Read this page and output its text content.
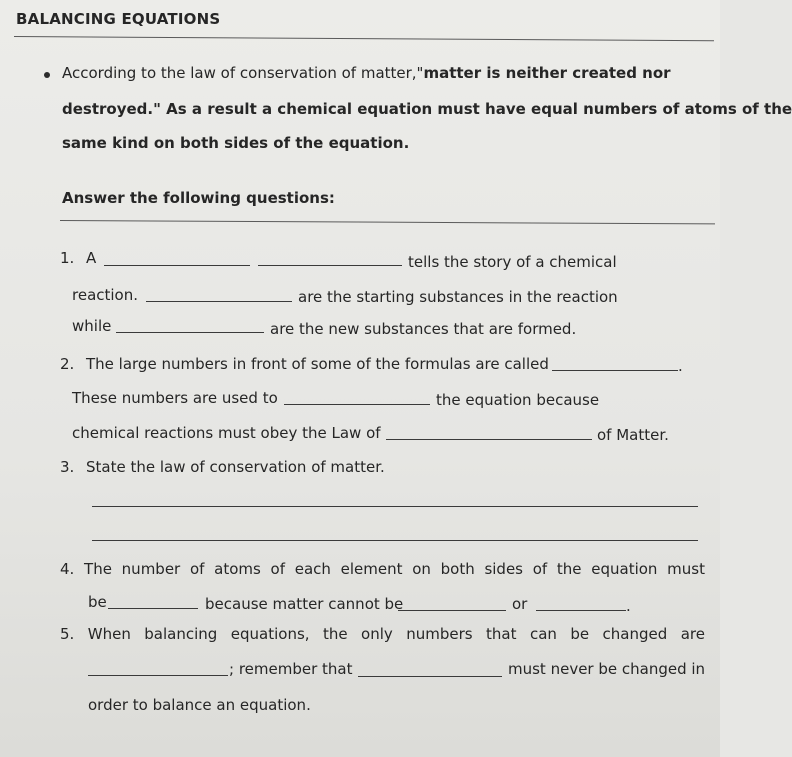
BALANCING EQUATIONS
According to the law of conservation of matter,"matter is neither created nor
destroyed." As a result a chemical equation must have equal numbers of atoms of the
same kind on both sides of the equation.
Answer the following questions:
1. A	tells the story of a chemical
reaction.	are the starting substances in the reaction
while	are the new substances that are formed.
2. The large numbers in front of some of the formulas are called	.
These numbers are used to	the equation because
chemical reactions must obey the Law of	of Matter.
3. State the law of conservation of matter.
4. The number of atoms of each element on both sides of the equation must
be	because matter cannot be	or	.
5. When balancing equations, the only numbers that can be changed are
; remember that	must never be changed in
order to balance an equation.
